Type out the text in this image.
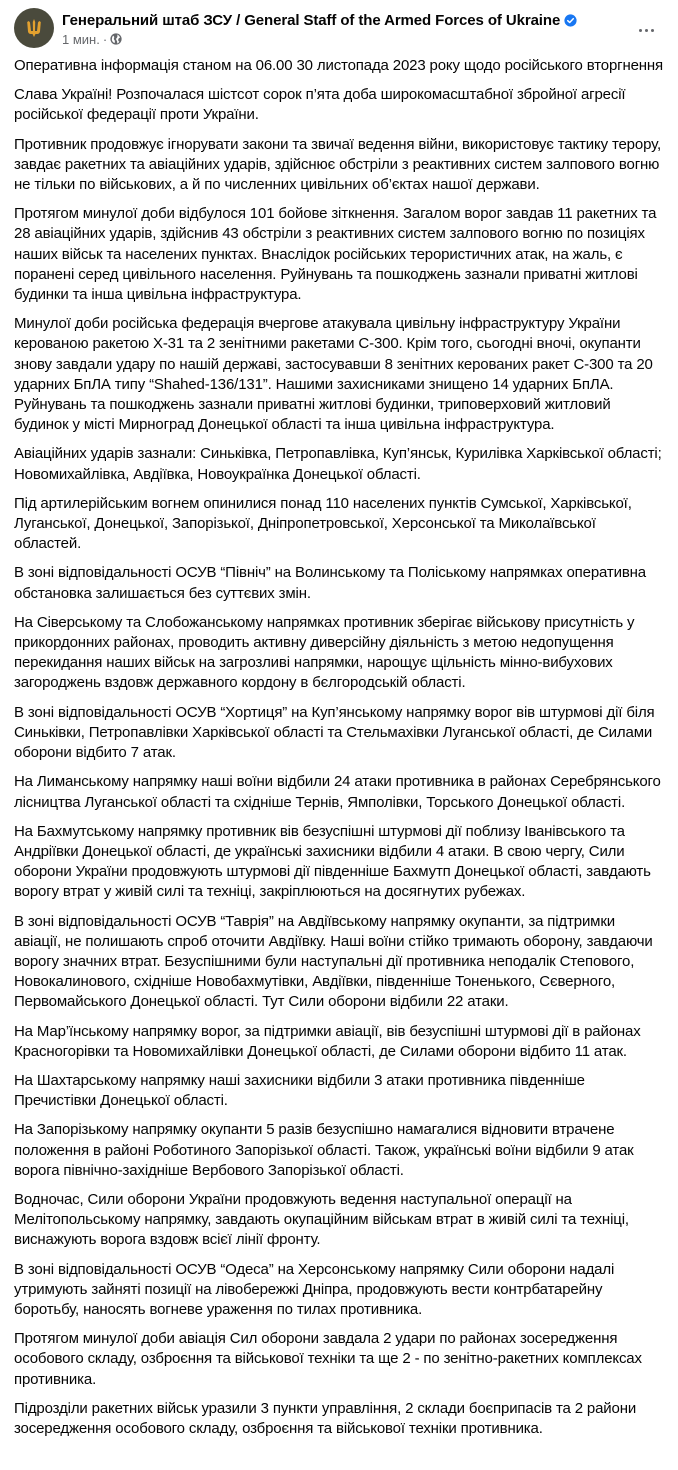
Генеральний штаб ЗСУ / General Staff of the Armed Forces of Ukraine
1 мин. ·

Оперативна інформація станом на 06.00 30 листопада 2023 року щодо російського вторгнення

Слава Україні! Розпочалася шістсот сорок п’ята доба широкомасштабної збройної агресії російської федерації проти України.

Противник продовжує ігнорувати закони та звичаї ведення війни, використовує тактику терору, завдає ракетних та авіаційних ударів, здійснює обстріли з реактивних систем залпового вогню не тільки по військових, а й по численних цивільних об’єктах нашої держави.

Протягом минулої доби відбулося 101 бойове зіткнення. Загалом ворог завдав 11 ракетних та 28 авіаційних ударів, здійснив 43 обстріли з реактивних систем залпового вогню по позиціях наших військ та населених пунктах. Внаслідок російських терористичних атак, на жаль, є поранені серед цивільного населення. Руйнувань та пошкоджень зазнали приватні житлові будинки та інша цивільна інфраструктура.

Минулої доби російська федерація вчергове атакувала цивільну інфраструктуру України керованою ракетою Х-31 та 2 зенітними ракетами С-300. Крім того, сьогодні вночі, окупанти знову завдали удару по нашій державі, застосувавши 8 зенітних керованих ракет С-300 та 20 ударних БпЛА типу “Shahed-136/131”. Нашими захисниками знищено 14 ударних БпЛА. Руйнувань та пошкоджень зазнали приватні житлові будинки, триповерховий житловий будинок у місті Мирноград Донецької області та інша цивільна інфраструктура.

Авіаційних ударів зазнали: Синьківка, Петропавлівка, Куп’янськ, Курилівка Харківської області; Новомихайлівка, Авдіївка, Новоукраїнка Донецької області.

Під артилерійським вогнем опинилися понад 110 населених пунктів Сумської, Харківської, Луганської, Донецької, Запорізької, Дніпропетровської, Херсонської та Миколаївської областей.

В зоні відповідальності ОСУВ “Північ” на Волинському та Поліському напрямках оперативна обстановка залишається без суттєвих змін.

На Сіверському та Слобожанському напрямках противник зберігає військову присутність у прикордонних районах, проводить активну диверсійну діяльність з метою недопущення перекидання наших військ на загрозливі напрямки, нарощує щільність мінно-вибухових загороджень вздовж державного кордону в бєлгородській області.

В зоні відповідальності ОСУВ “Хортиця” на Куп’янському напрямку ворог вів штурмові дії біля Синьківки, Петропавлівки Харківської області та Стельмахівки Луганської області, де Силами оборони відбито 7 атак.

На Лиманському напрямку наші воїни відбили 24 атаки противника в районах Серебрянського лісництва Луганської області та східніше Тернів, Ямполівки, Торського Донецької області.

На Бахмутському напрямку противник вів безуспішні штурмові дії поблизу Іванівського та Андріївки Донецької області, де українські захисники відбили 4 атаки. В свою чергу, Сили оборони України продовжують штурмові дії південніше Бахмутп Донецької області, завдають ворогу втрат у живій силі та техніці, закріплюються на досягнутих рубежах.

В зоні відповідальності ОСУВ “Таврія” на Авдіївському напрямку окупанти, за підтримки авіації, не полишають спроб оточити Авдіївку. Наші воїни стійко тримають оборону, завдаючи ворогу значних втрат. Безуспішними були наступальні дії противника неподалік Степового, Новокалинового, східніше Новобахмутівки, Авдіївки, південніше Тоненького, Сєверного, Первомайського Донецької області. Тут Сили оборони відбили 22 атаки.

На Мар’їнському напрямку ворог, за підтримки авіації, вів безуспішні штурмові дії в районах Красногорівки та Новомихайлівки Донецької області, де Силами оборони відбито 11 атак.

На Шахтарському напрямку наші захисники відбили 3 атаки противника південніше Пречистівки Донецької області.

На Запорізькому напрямку окупанти 5 разів безуспішно намагалися відновити втрачене положення в районі Роботиного Запорізької області. Також, українські воїни відбили 9 атак ворога північно-західніше Вербового Запорізької області.

Водночас, Сили оборони України продовжують ведення наступальної операції на Мелітопольському напрямку, завдають окупаційним військам втрат в живій силі та техніці, виснажують ворога вздовж всієї лінії фронту.

В зоні відповідальності ОСУВ “Одеса” на Херсонському напрямку Сили оборони надалі утримують зайняті позиції на лівобережжі Дніпра, продовжують вести контрбатарейну боротьбу, наносять вогневе ураження по тилах противника.

Протягом минулої доби авіація Сил оборони завдала 2 удари по районах зосередження особового складу, озброєння та військової техніки та ще 2 - по зенітно-ракетних комплексах противника.

Підрозділи ракетних військ уразили 3 пункти управління, 2 склади боєприпасів та 2 райони зосередження особового складу, озброєння та військової техніки противника.
